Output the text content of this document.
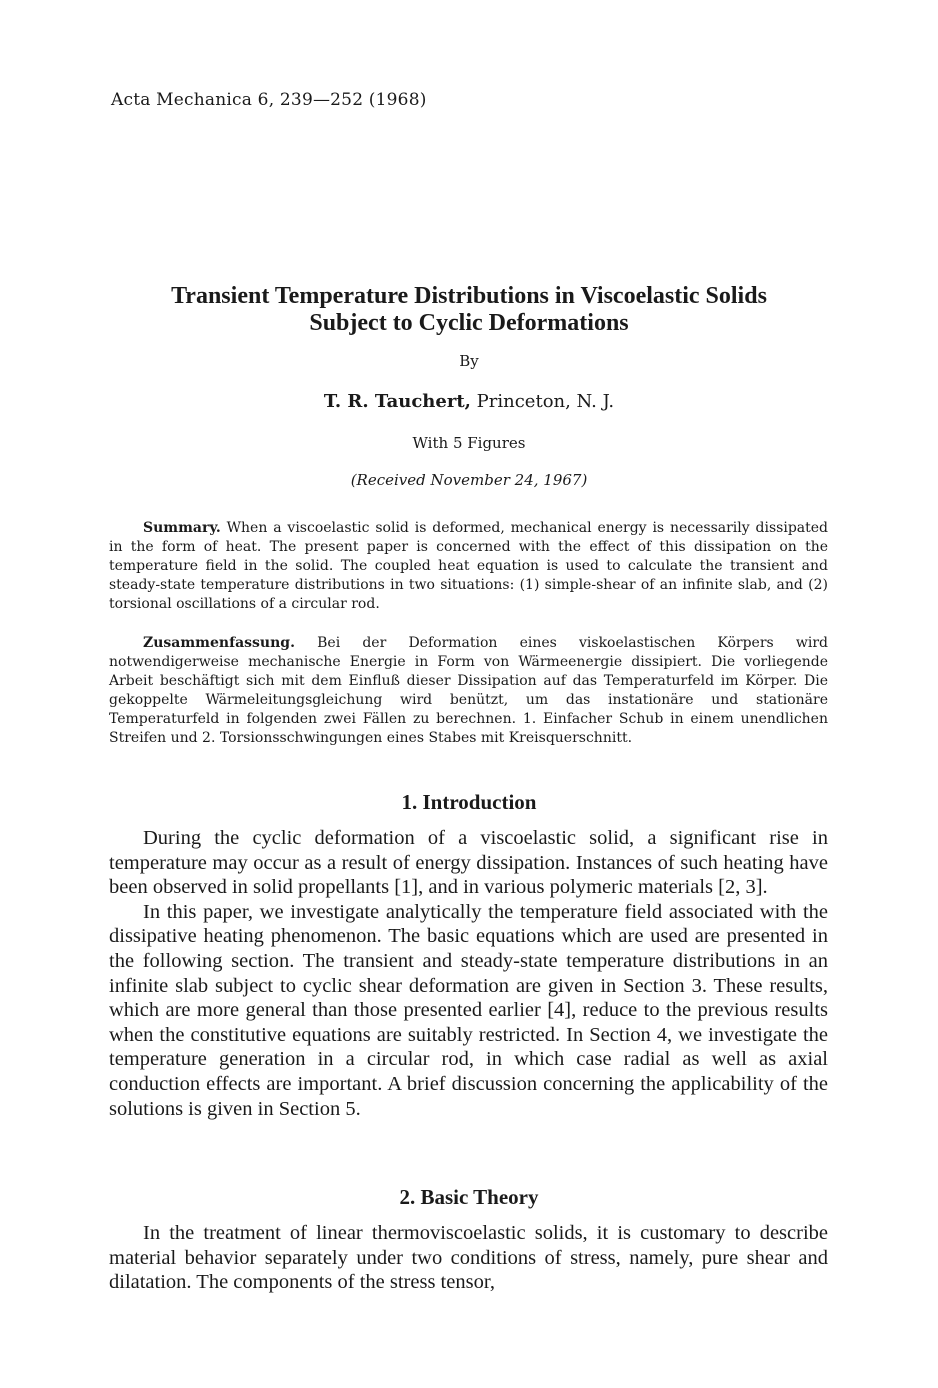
Acta Mechanica 6, 239—252 (1968)
Transient Temperature Distributions in Viscoelastic Solids
Subject to Cyclic Deformations
By
T. R. Tauchert, Princeton, N. J.
With 5 Figures
(Received November 24, 1967)

Summary. When a viscoelastic solid is deformed, mechanical energy is necessarily dissipated in the form of heat. The present paper is concerned with the effect of this dissipation on the temperature field in the solid. The coupled heat equation is used to calculate the transient and steady-state temperature distributions in two situations: (1) simple-shear of an infinite slab, and (2) torsional oscillations of a circular rod.

Zusammenfassung. Bei der Deformation eines viskoelastischen Körpers wird notwendigerweise mechanische Energie in Form von Wärmeenergie dissipiert. Die vorliegende Arbeit beschäftigt sich mit dem Einfluß dieser Dissipation auf das Temperaturfeld im Körper. Die gekoppelte Wärmeleitungsgleichung wird benützt, um das instationäre und stationäre Temperaturfeld in folgenden zwei Fällen zu berechnen. 1. Einfacher Schub in einem unendlichen Streifen und 2. Torsionsschwingungen eines Stabes mit Kreisquerschnitt.

1. Introduction

During the cyclic deformation of a viscoelastic solid, a significant rise in temperature may occur as a result of energy dissipation. Instances of such heating have been observed in solid propellants [1], and in various polymeric materials [2, 3].

In this paper, we investigate analytically the temperature field associated with the dissipative heating phenomenon. The basic equations which are used are presented in the following section. The transient and steady-state temperature distributions in an infinite slab subject to cyclic shear deformation are given in Section 3. These results, which are more general than those presented earlier [4], reduce to the previous results when the constitutive equations are suitably restricted. In Section 4, we investigate the temperature generation in a circular rod, in which case radial as well as axial conduction effects are important. A brief discussion concerning the applicability of the solutions is given in Section 5.

2. Basic Theory

In the treatment of linear thermoviscoelastic solids, it is customary to describe material behavior separately under two conditions of stress, namely, pure shear and dilatation. The components of the stress tensor,
